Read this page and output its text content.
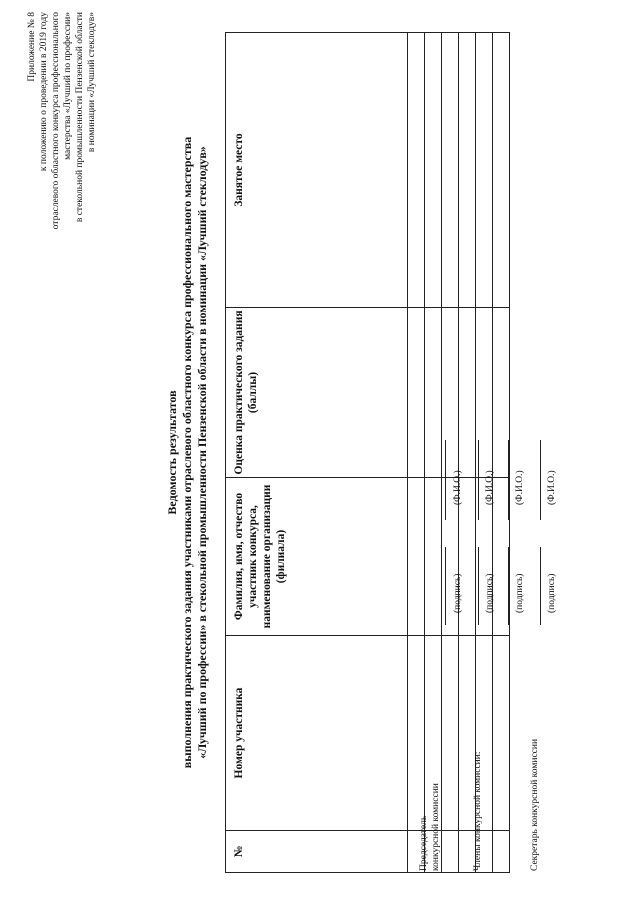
Приложение № 8 к положению о проведении в 2019 году отраслевого областного конкурса профессионального мастерства «Лучший по профессии» в стекольной промышленности Пензенской области в номинации «Лучший стеклодув»
Ведомость результатов выполнения практического задания участниками отраслевого областного конкурса профессионального мастерства «Лучший по профессии» в стекольной промышленности Пензенской области в номинации «Лучший стеклодув»
№	Номер участника	Фамилия, имя, отчество участник конкурса, наименование организации (филиала)	Оценка практического задания (баллы)	Занятое место

Председатель конкурсной комиссии	Члены конкурсной комиссии:	Секретарь конкурсной комиссии
(подпись)
(Ф.И.О.)
(подпись)
(Ф.И.О.)
(подпись)
(Ф.И.О.)
(подпись)
(Ф.И.О.)
